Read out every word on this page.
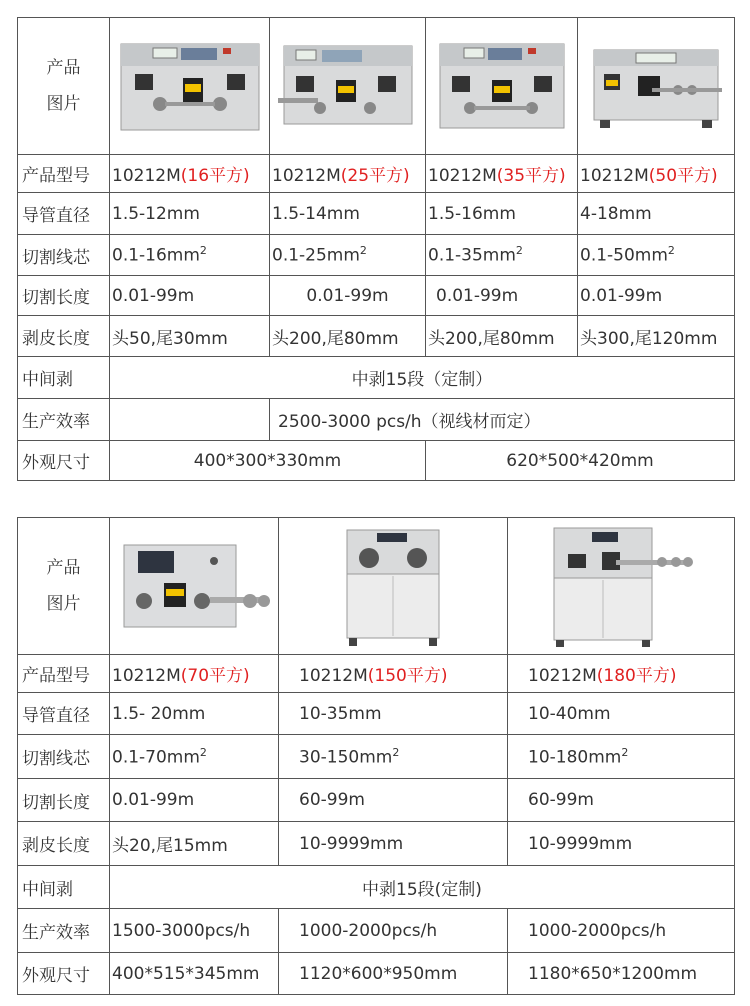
产品
图片

产品型号	10212M(16平方)	10212M(25平方)	10212M(35平方)	10212M(50平方)
导管直径	1.5-12mm	1.5-14mm	1.5-16mm	4-18mm
切割线芯	$0.1-16mm^2$	$0.1-25mm^2$	$0.1-35mm^2$	$0.1-50mm^2$
切割长度	0.01-99m	0.01-99m	0.01-99m	0.01-99m
剥皮长度	头50,尾30mm	头200,尾80mm	头200,尾80mm	头300,尾120mm
中间剥	中剥15段（定制）			
生产效率		2500-3000 pcs/h（视线材而定）		
外观尺寸	400*300*330mm		620*500*420mm	
产品
图片

产品型号	10212M(70平方)	10212M(150平方)	10212M(180平方)
导管直径	1.5- 20mm	10-35mm	10-40mm
切割线芯	$0.1-70mm^2$	$30-150mm^2$	$10-180mm^2$
切割长度	0.01-99m	60-99m	60-99m
剥皮长度	头20,尾15mm	10-9999mm	10-9999mm
中间剥	中剥15段(定制)		
生产效率	1500-3000pcs/h	1000-2000pcs/h	1000-2000pcs/h
外观尺寸	400*515*345mm	1120*600*950mm	1180*650*1200mm
